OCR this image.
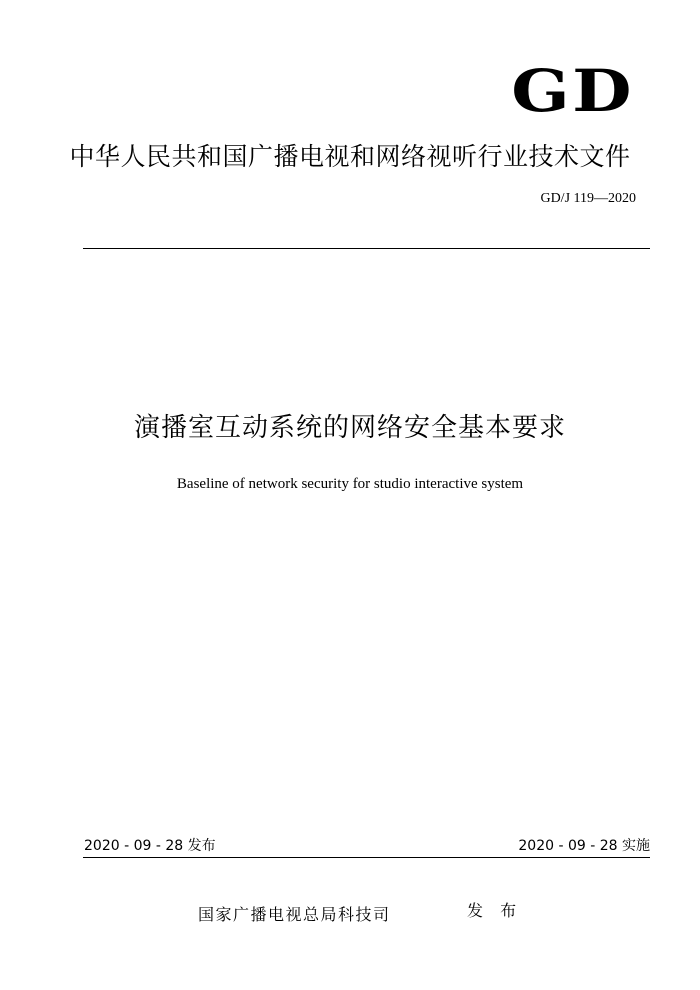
GD
中华人民共和国广播电视和网络视听行业技术文件
GD/J 119—2020
演播室互动系统的网络安全基本要求
Baseline of network security for studio interactive system
2020 - 09 - 28 发布	2020 - 09 - 28 实施
国家广播电视总局科技司	发 布
